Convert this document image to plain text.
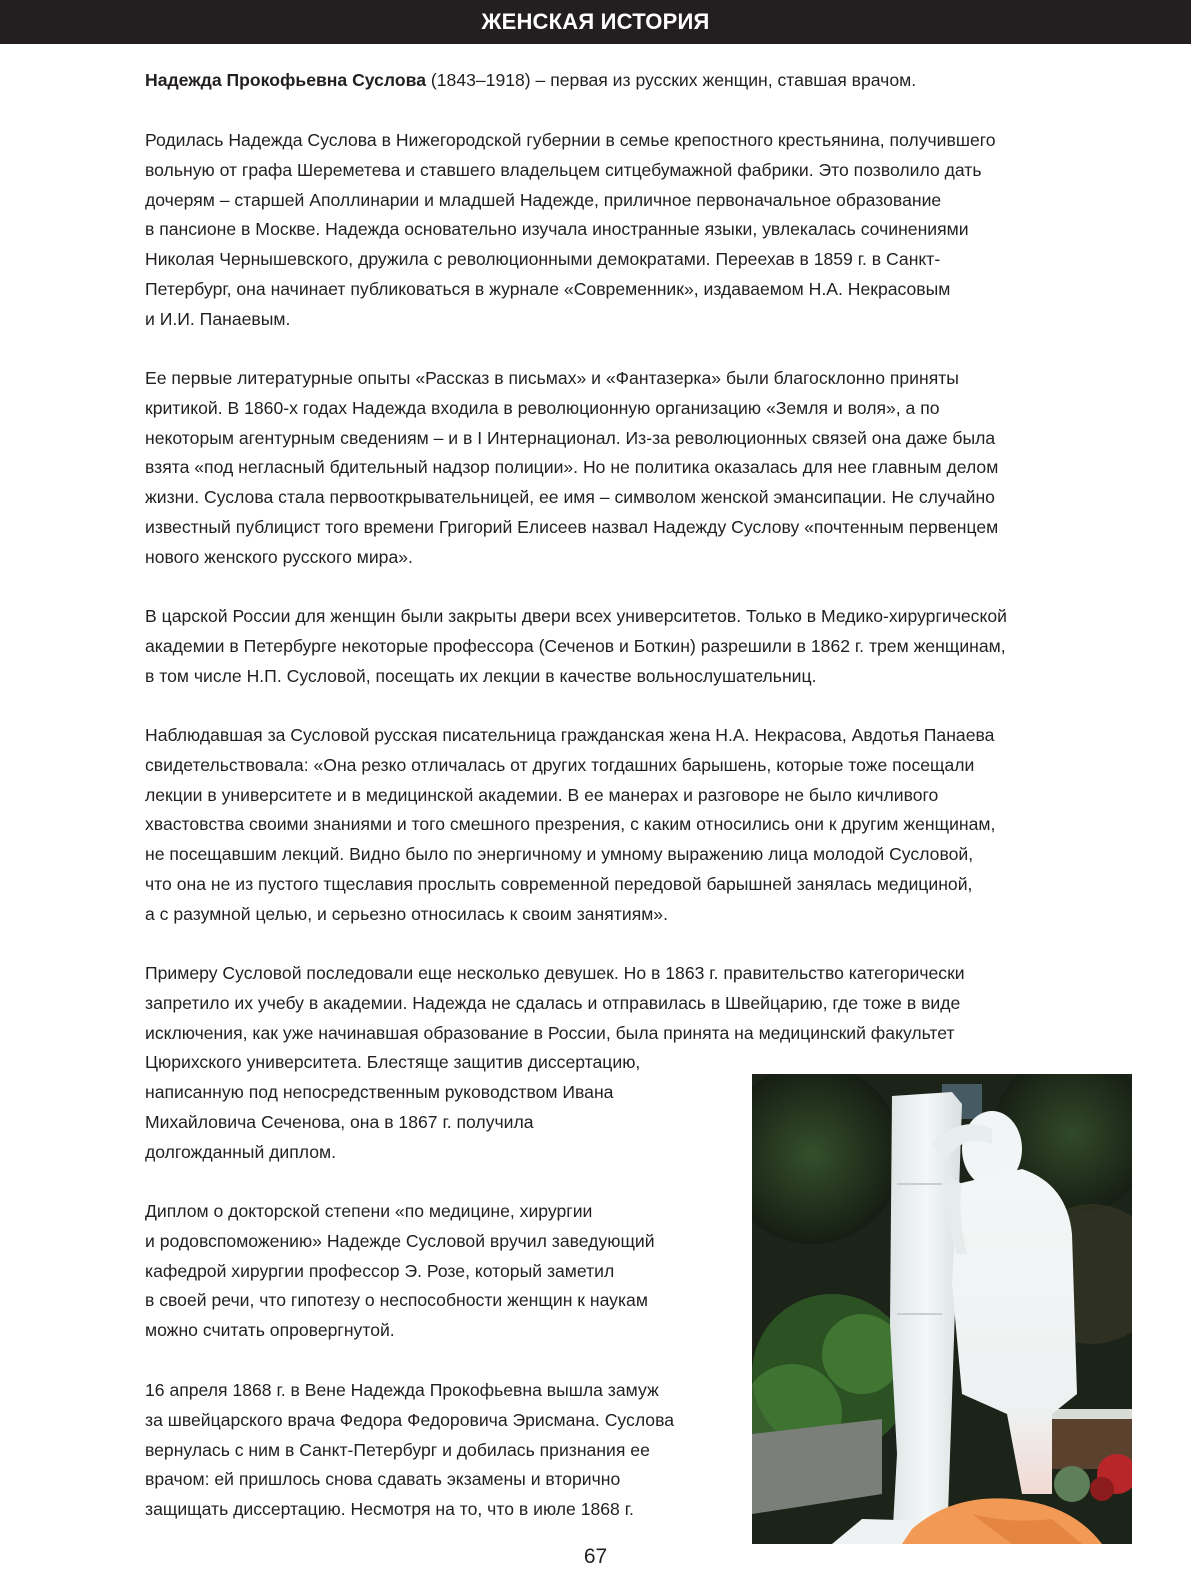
ЖЕНСКАЯ ИСТОРИЯ

Надежда Прокофьевна Суслова (1843–1918) – первая из русских женщин, ставшая врачом.

Родилась Надежда Суслова в Нижегородской губернии в семье крепостного крестьянина, получившего
вольную от графа Шереметева и ставшего владельцем ситцебумажной фабрики. Это позволило дать
дочерям – старшей Аполлинарии и младшей Надежде, приличное первоначальное образование
в пансионе в Москве. Надежда основательно изучала иностранные языки, увлекалась сочинениями
Николая Чернышевского, дружила с революционными демократами. Переехав в 1859 г. в Санкт-
Петербург, она начинает публиковаться в журнале «Современник», издаваемом Н.А. Некрасовым
и И.И. Панаевым.

Ее первые литературные опыты «Рассказ в письмах» и «Фантазерка» были благосклонно приняты
критикой. В 1860-х годах Надежда входила в революционную организацию «Земля и воля», а по
некоторым агентурным сведениям – и в I Интернационал. Из-за революционных связей она даже была
взята «под негласный бдительный надзор полиции». Но не политика оказалась для нее главным делом
жизни. Суслова стала первооткрывательницей, ее имя – символом женской эмансипации. Не случайно
известный публицист того времени Григорий Елисеев назвал Надежду Суслову «почтенным первенцем
нового женского русского мира».

В царской России для женщин были закрыты двери всех университетов. Только в Медико-хирургической
академии в Петербурге некоторые профессора (Сеченов и Боткин) разрешили в 1862 г. трем женщинам,
в том числе Н.П. Сусловой, посещать их лекции в качестве вольнослушательниц.

Наблюдавшая за Сусловой русская писательница гражданская жена Н.А. Некрасова, Авдотья Панаева
свидетельствовала: «Она резко отличалась от других тогдашних барышень, которые тоже посещали
лекции в университете и в медицинской академии. В ее манерах и разговоре не было кичливого
хвастовства своими знаниями и того смешного презрения, с каким относились они к другим женщинам,
не посещавшим лекций. Видно было по энергичному и умному выражению лица молодой Сусловой,
что она не из пустого тщеславия прослыть современной передовой барышней занялась медициной,
а с разумной целью, и серьезно относилась к своим занятиям».

Примеру Сусловой последовали еще несколько девушек. Но в 1863 г. правительство категорически
запретило их учебу в академии. Надежда не сдалась и отправилась в Швейцарию, где тоже в виде
исключения, как уже начинавшая образование в России, была принята на медицинский факультет
Цюрихского университета. Блестяще защитив диссертацию,
написанную под непосредственным руководством Ивана
Михайловича Сеченова, она в 1867 г. получила
долгожданный диплом.

Диплом о докторской степени «по медицине, хирургии
и родовспоможению» Надежде Сусловой вручил заведующий
кафедрой хирургии профессор Э. Розе, который заметил
в своей речи, что гипотезу о неспособности женщин к наукам
можно считать опровергнутой.

16 апреля 1868 г. в Вене Надежда Прокофьевна вышла замуж
за швейцарского врача Федора Федоровича Эрисмана. Суслова
вернулась с ним в Санкт-Петербург и добилась признания ее
врачом: ей пришлось снова сдавать экзамены и вторично
защищать диссертацию. Несмотря на то, что в июле 1868 г.

67
